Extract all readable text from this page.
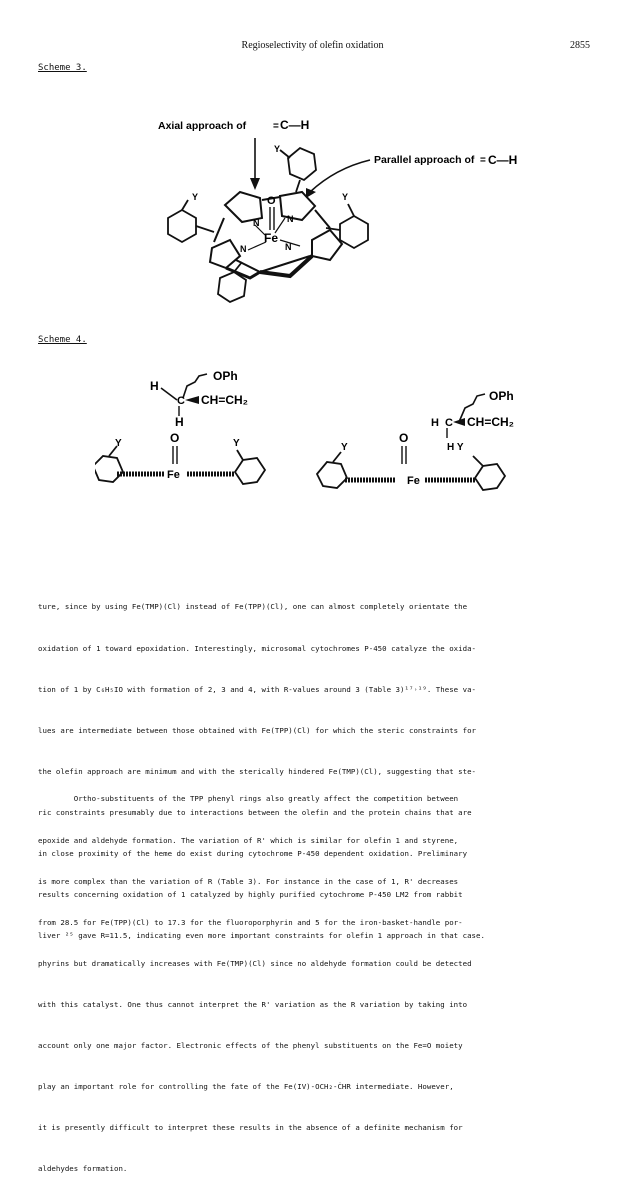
Regioselectivity of olefin oxidation	2855
Scheme 3.
Axial approach of	= C—H
Parallel approach of = C—H
Fe
O
N	N
N
N
Y
Y
Y
Scheme 4.
H
OPh
C CH=CH₂
H
O
Fe
Y	Y
OPh
H C CH=CH₂
O
Fe
Y	H Y

ture, since by using Fe(TMP)(Cl) instead of Fe(TPP)(Cl), one can almost completely orientate the

oxidation of 1 toward epoxidation. Interestingly, microsomal cytochromes P-450 catalyze the oxida-

tion of 1 by C₆H₅IO with formation of 2, 3 and 4, with R-values around 3 (Table 3)¹⁷˒¹⁹. These va-

lues are intermediate between those obtained with Fe(TPP)(Cl) for which the steric constraints for

the olefin approach are minimum and with the sterically hindered Fe(TMP)(Cl), suggesting that ste-

ric constraints presumably due to interactions between the olefin and the protein chains that are

in close proximity of the heme do exist during cytochrome P-450 dependent oxidation. Preliminary

results concerning oxidation of 1 catalyzed by highly purified cytochrome P-450 LM2 from rabbit

liver ²⁵ gave R=11.5, indicating even more important constraints for olefin 1 approach in that case.

Ortho-substituents of the TPP phenyl rings also greatly affect the competition between

epoxide and aldehyde formation. The variation of R' which is similar for olefin 1 and styrene,

is more complex than the variation of R (Table 3). For instance in the case of 1, R' decreases

from 28.5 for Fe(TPP)(Cl) to 17.3 for the fluoroporphyrin and 5 for the iron-basket-handle por-

phyrins but dramatically increases with Fe(TMP)(Cl) since no aldehyde formation could be detected

with this catalyst. One thus cannot interpret the R' variation as the R variation by taking into

account only one major factor. Electronic effects of the phenyl substituents on the Fe=O moiety

play an important role for controlling the fate of the Fe(IV)-OCH₂-ĊHR intermediate. However,

it is presently difficult to interpret these results in the absence of a definite mechanism for

aldehydes formation.
